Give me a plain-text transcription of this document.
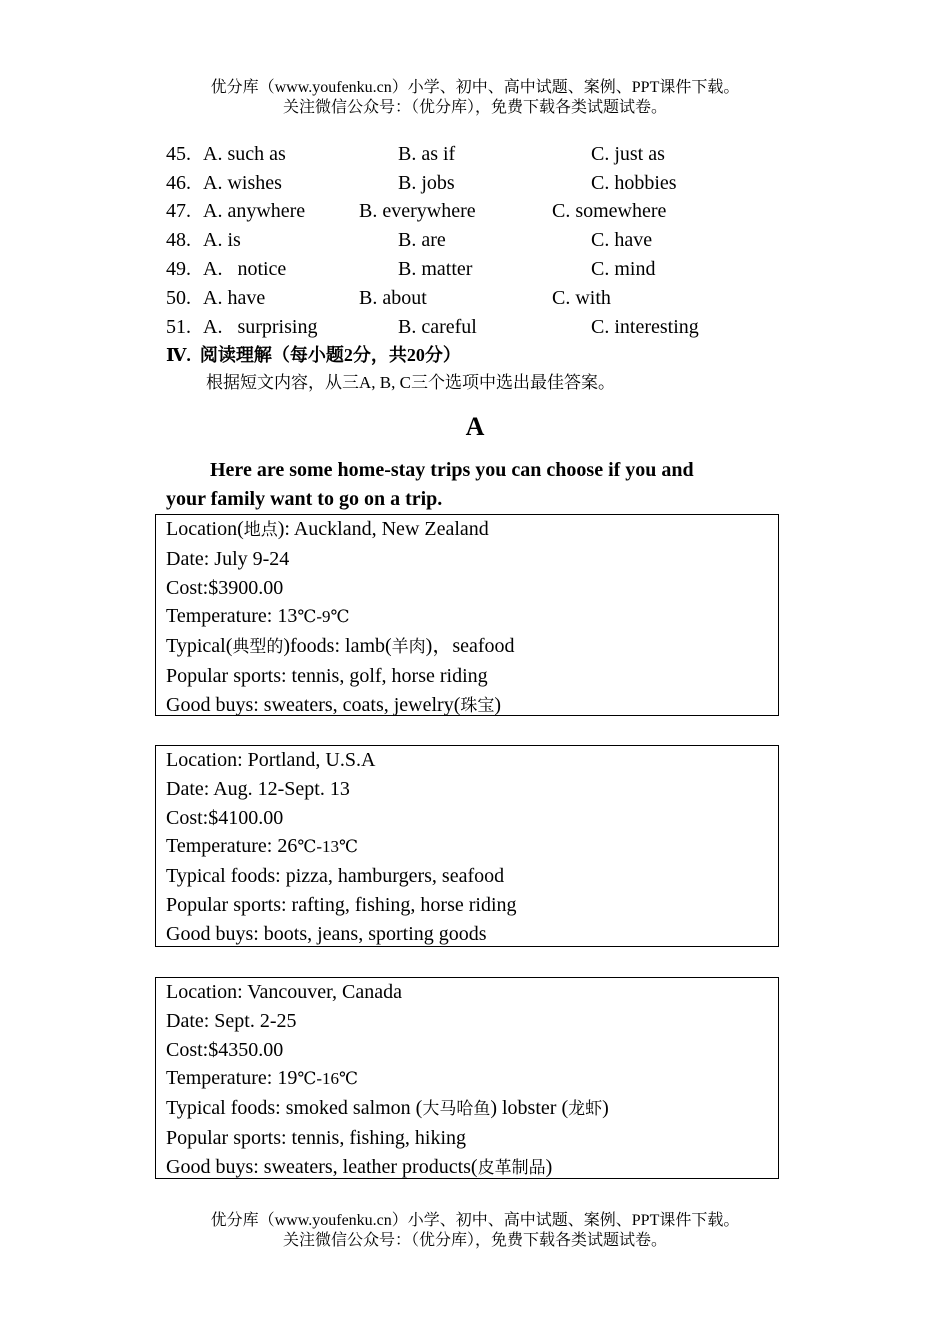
优分库（www.youfenku.cn）小学、初中、高中试题、案例、PPT课件下载。
关注微信公众号：（优分库），免费下载各类试题试卷。
45. A. such as	B. as if	C. just as
46. A. wishes	B. jobs	C. hobbies
47. A. anywhere	B. everywhere	C. somewhere
48. A. is	B. are	C. have
49. A.   notice	B. matter	C. mind
50. A. have	B. about	C. with
51. A.   surprising	B. careful	C. interesting
Ⅳ.  阅读理解（每小题2分，共20分）
根据短文内容，从三A, B, C三个选项中选出最佳答案。
A
Here are some home-stay trips you can choose if you and
your family want to go on a trip.
Location(地点): Auckland, New Zealand
Date: July 9-24
Cost:$3900.00
Temperature: 13℃-9℃
Typical(典型的)foods: lamb(羊肉)，seafood
Popular sports: tennis, golf, horse riding
Good buys: sweaters, coats, jewelry(珠宝)
Location: Portland, U.S.A
Date: Aug. 12-Sept. 13
Cost:$4100.00
Temperature: 26℃-13℃
Typical foods: pizza, hamburgers, seafood
Popular sports: rafting, fishing, horse riding
Good buys: boots, jeans, sporting goods
Location: Vancouver, Canada
Date: Sept. 2-25
Cost:$4350.00
Temperature: 19℃-16℃
Typical foods: smoked salmon (大马哈鱼) lobster (龙虾)
Popular sports: tennis, fishing, hiking
Good buys: sweaters, leather products(皮革制品)
优分库（www.youfenku.cn）小学、初中、高中试题、案例、PPT课件下载。
关注微信公众号：（优分库），免费下载各类试题试卷。
